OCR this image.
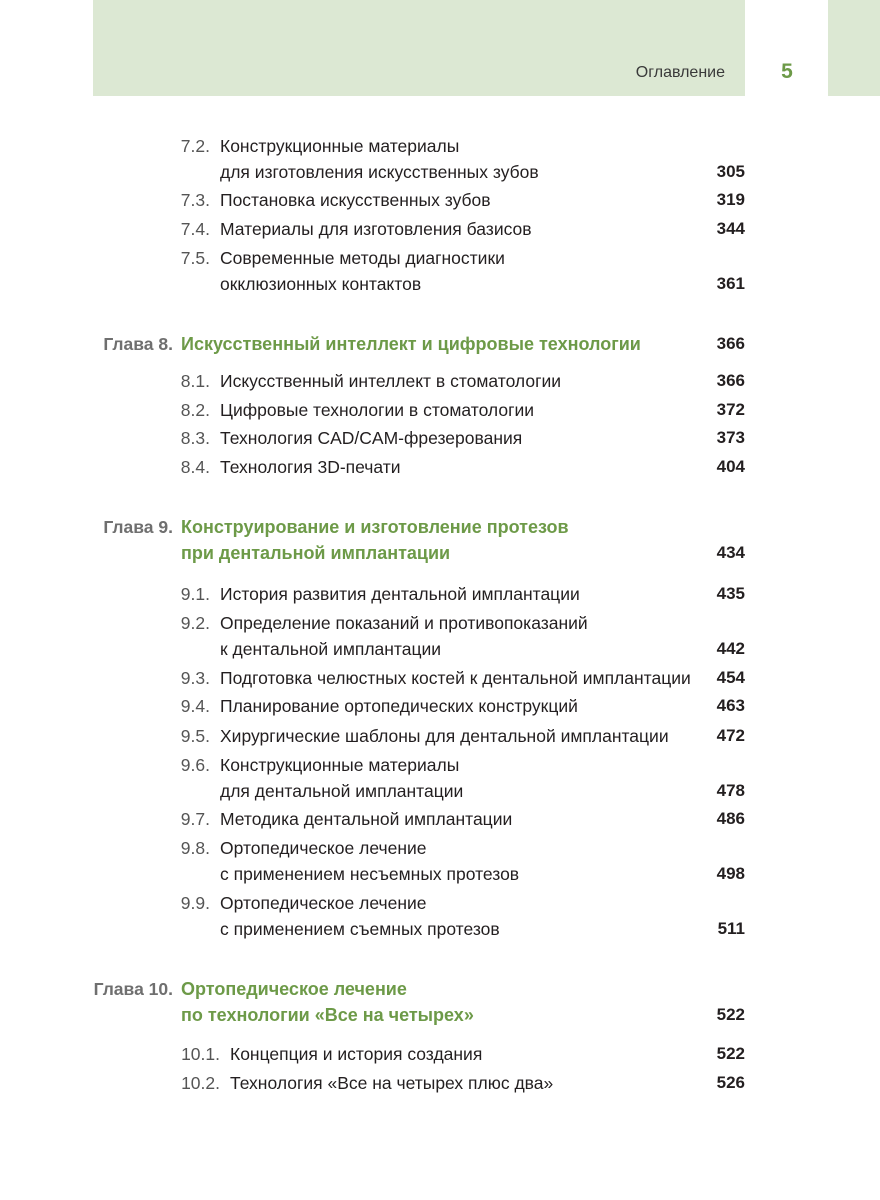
Оглавление	5
7.2. Конструкционные материалы
для изготовления искусственных зубов	305
7.3. Постановка искусственных зубов	319
7.4. Материалы для изготовления базисов	344
7.5. Современные методы диагностики
окклюзионных контактов	361
Глава 8. Искусственный интеллект и цифровые технологии	366
8.1. Искусственный интеллект в стоматологии	366
8.2. Цифровые технологии в стоматологии	372
8.3. Технология CAD/CAM-фрезерования	373
8.4. Технология 3D-печати	404
Глава 9. Конструирование и изготовление протезов
при дентальной имплантации	434
9.1. История развития дентальной имплантации	435
9.2. Определение показаний и противопоказаний
к дентальной имплантации	442
9.3. Подготовка челюстных костей к дентальной имплантации	454
9.4. Планирование ортопедических конструкций	463
9.5. Хирургические шаблоны для дентальной имплантации	472
9.6. Конструкционные материалы
для дентальной имплантации	478
9.7. Методика дентальной имплантации	486
9.8. Ортопедическое лечение
с применением несъемных протезов	498
9.9. Ортопедическое лечение
с применением съемных протезов	511
Глава 10. Ортопедическое лечение
по технологии «Все на четырех»	522
10.1. Концепция и история создания	522
10.2. Технология «Все на четырех плюс два»	526
